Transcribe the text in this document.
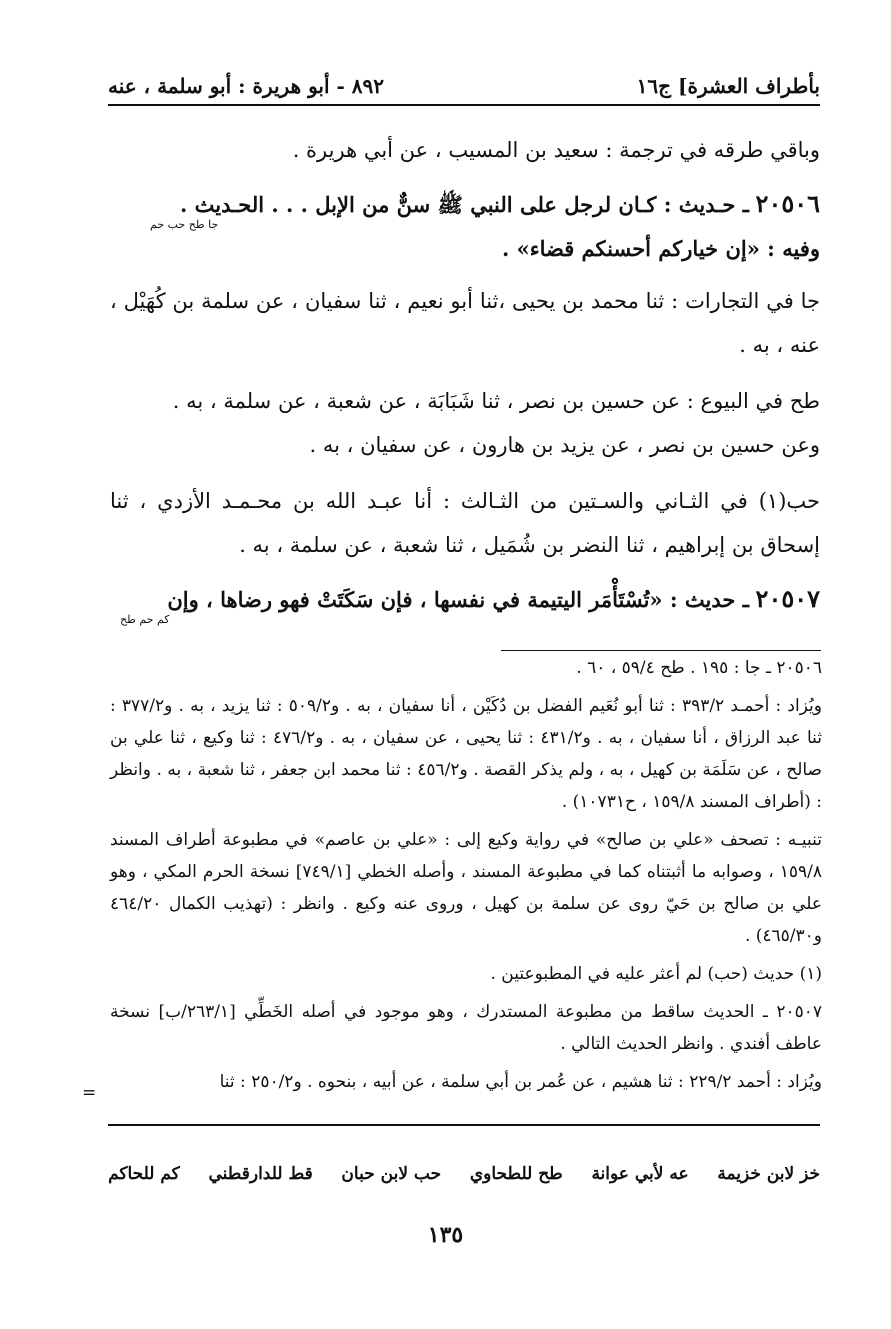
بأطراف العشرة] ج١٦
٨٩٢ - أبو هريرة : أبو سلمة ، عنه

وباقي طرقه في ترجمة : سعيد بن المسيب ، عن أبي هريرة .

٢٠٥٠٦ ـ حـديث : كـان لرجل على النبي ﷺ سنٌّ من الإبل . . . الحـديث .
جا طح حب حم
وفيه : «إن خياركم أحسنكم قضاء» .

جا في التجارات : ثنا محمد بن يحيى ،ثنا أبو نعيم ، ثنا سفيان ، عن سلمة بن كُهَيْل ، عنه ، به .

طح في البيوع : عن حسين بن نصر ، ثنا شَبَابَة ، عن شعبة ، عن سلمة ، به .
وعن حسين بن نصر ، عن يزيد بن هارون ، عن سفيان ، به .

حب(١) في الثـاني والسـتين من الثـالث : أنا عبـد الله بن محـمـد الأزدي ، ثنا إسحاق بن إبراهيم ، ثنا النضر بن شُمَيل ، ثنا شعبة ، عن سلمة ، به .

٢٠٥٠٧ ـ حديث : «تُسْتَأْمَر اليتيمة في نفسها ، فإن سَكَتَتْ فهو رضاها ، وإن
كم حم طح

٢٠٥٠٦ ـ جا : ١٩٥ . طح ٥٩/٤ ، ٦٠ .

ويُزاد : أحمـد ٣٩٣/٢ : ثنا أبو نُعَيم الفضل بن دُكَيْن ، أنا سفيان ، به . و٥٠٩/٢ : ثنا يزيد ، به . و٣٧٧/٢ : ثنا عبد الرزاق ، أنا سفيان ، به . و٤٣١/٢ : ثنا يحيى ، عن سفيان ، به . و٤٧٦/٢ : ثنا وكيع ، ثنا علي بن صالح ، عن سَلَمَة بن كهيل ، به ، ولم يذكر القصة . و٤٥٦/٢ : ثنا محمد ابن جعفر ، ثنا شعبة ، به . وانظر : (أطراف المسند ١٥٩/٨ ، ح١٠٧٣١) .

تنبيـه : تصحف «علي بن صالح» في رواية وكيع إلى : «علي بن عاصم» في مطبوعة أطراف المسند ١٥٩/٨ ، وصوابه ما أثبتناه كما في مطبوعة المسند ، وأصله الخطي [٧٤٩/١] نسخة الحرم المكي ، وهو علي بن صالح بن حَيّ روى عن سلمة بن كهيل ، وروى عنه وكيع . وانظر : (تهذيب الكمال ٤٦٤/٢٠ و٤٦٥/٣٠) .

(١) حديث (حب) لم أعثر عليه في المطبوعتين .

٢٠٥٠٧ ـ الحديث ساقط من مطبوعة المستدرك ، وهو موجود في أصله الخَطِّي [٢٦٣/١/ب] نسخة عاطف أفندي . وانظر الحديث التالي .

ويُزاد : أحمد ٢٢٩/٢ : ثنا هشيم ، عن عُمر بن أبي سلمة ، عن أبيه ، بنحوه . و٢٥٠/٢ : ثنا

=
خز لابن خزيمة
عه لأبي عوانة
طح للطحاوي
حب لابن حبان
قط للدارقطني
كم للحاكم
١٣٥
